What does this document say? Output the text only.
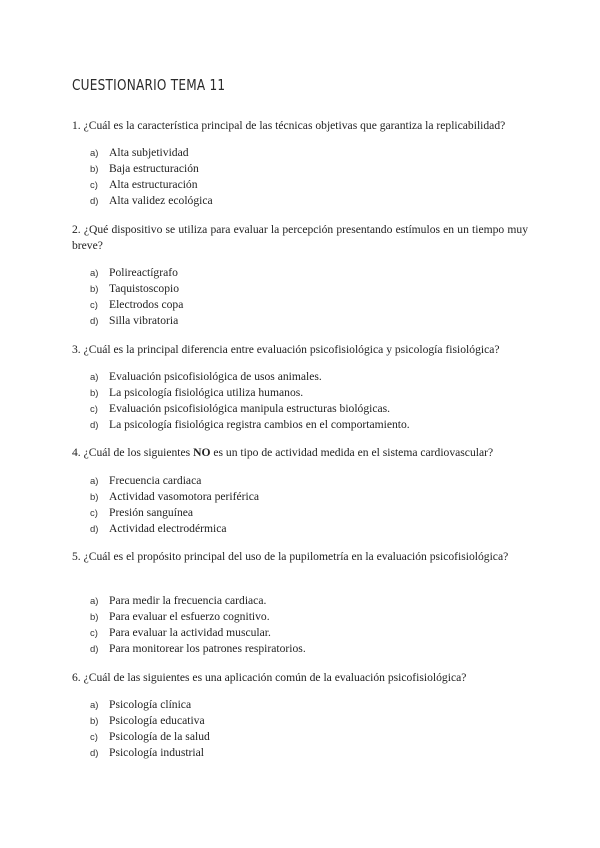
CUESTIONARIO TEMA 11
1. ¿Cuál es la característica principal de las técnicas objetivas que garantiza la replicabilidad?
a) Alta subjetividad
b) Baja estructuración
c) Alta estructuración
d) Alta validez ecológica
2. ¿Qué dispositivo se utiliza para evaluar la percepción presentando estímulos en un tiempo muy breve?
a) Polireactígrafo
b) Taquistoscopio
c) Electrodos copa
d) Silla vibratoria
3. ¿Cuál es la principal diferencia entre evaluación psicofisiológica y psicología fisiológica?
a) Evaluación psicofisiológica de usos animales.
b) La psicología fisiológica utiliza humanos.
c) Evaluación psicofisiológica manipula estructuras biológicas.
d) La psicología fisiológica registra cambios en el comportamiento.
4. ¿Cuál de los siguientes NO es un tipo de actividad medida en el sistema cardiovascular?
a) Frecuencia cardiaca
b) Actividad vasomotora periférica
c) Presión sanguínea
d) Actividad electrodérmica
5. ¿Cuál es el propósito principal del uso de la pupilometría en la evaluación psicofisiológica?
a) Para medir la frecuencia cardiaca.
b) Para evaluar el esfuerzo cognitivo.
c) Para evaluar la actividad muscular.
d) Para monitorear los patrones respiratorios.
6. ¿Cuál de las siguientes es una aplicación común de la evaluación psicofisiológica?
a) Psicología clínica
b) Psicología educativa
c) Psicología de la salud
d) Psicología industrial
